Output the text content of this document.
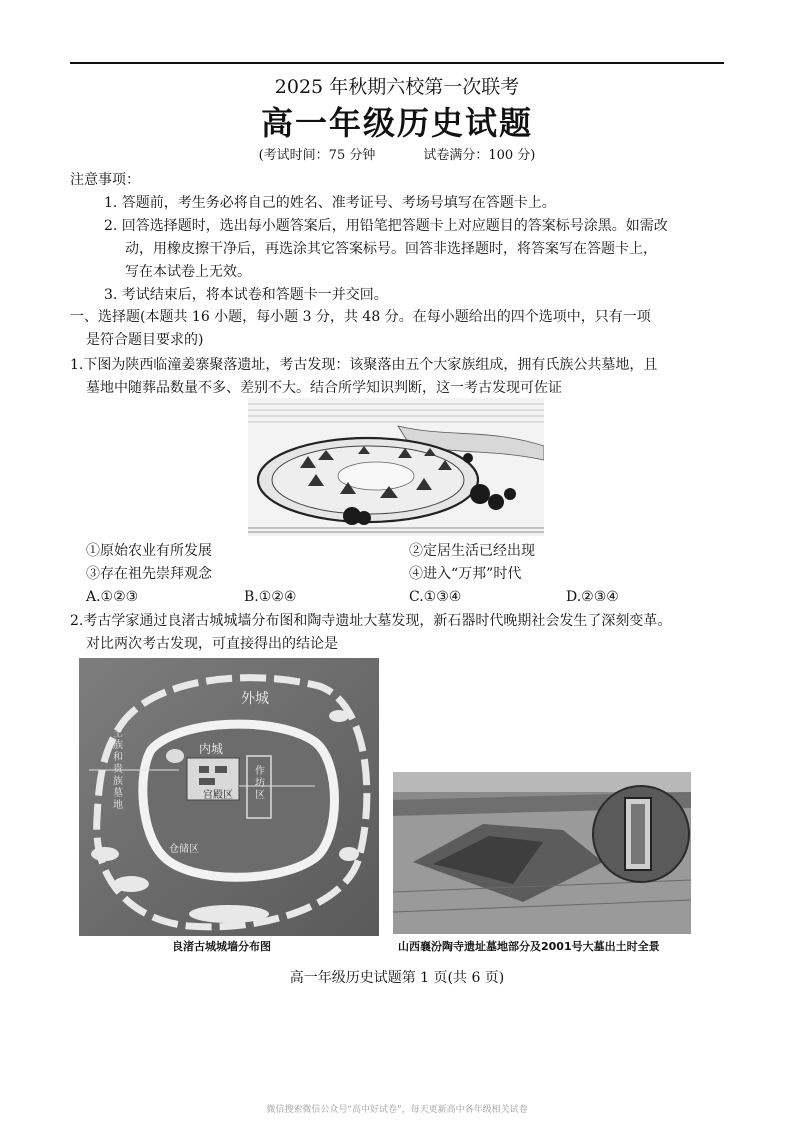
2025 年秋期六校第一次联考
高一年级历史试题
(考试时间：75 分钟	试卷满分：100 分)
注意事项：
1. 答题前，考生务必将自己的姓名、准考证号、考场号填写在答题卡上。
2. 回答选择题时，选出每小题答案后，用铅笔把答题卡上对应题目的答案标号涂黑。如需改
动，用橡皮擦干净后，再选涂其它答案标号。回答非选择题时，将答案写在答题卡上，
写在本试卷上无效。
3. 考试结束后，将本试卷和答题卡一并交回。
一、选择题(本题共 16 小题，每小题 3 分，共 48 分。在每小题给出的四个选项中，只有一项
是符合题目要求的)
1.下图为陕西临潼姜寨聚落遗址，考古发现：该聚落由五个大家族组成，拥有氏族公共墓地，且
墓地中随葬品数量不多、差别不大。结合所学知识判断，这一考古发现可佐证
①原始农业有所发展	②定居生活已经出现
③存在祖先崇拜观念	④进入“万邦”时代
A.①②③	B.①②④	C.①③④	D.②③④
2.考古学家通过良渚古城城墙分布图和陶寺遗址大墓发现，新石器时代晚期社会发生了深刻变革。
对比两次考古发现，可直接得出的结论是
外城
内城
宫殿区
作坊区
仓储区
王族和贵族墓地
良渚古城城墙分布图	山西襄汾陶寺遗址墓地部分及2001号大墓出土时全景
高一年级历史试题第 1 页(共 6 页)
微信搜索微信公众号“高中好试卷”，每天更新高中各年级相关试卷
